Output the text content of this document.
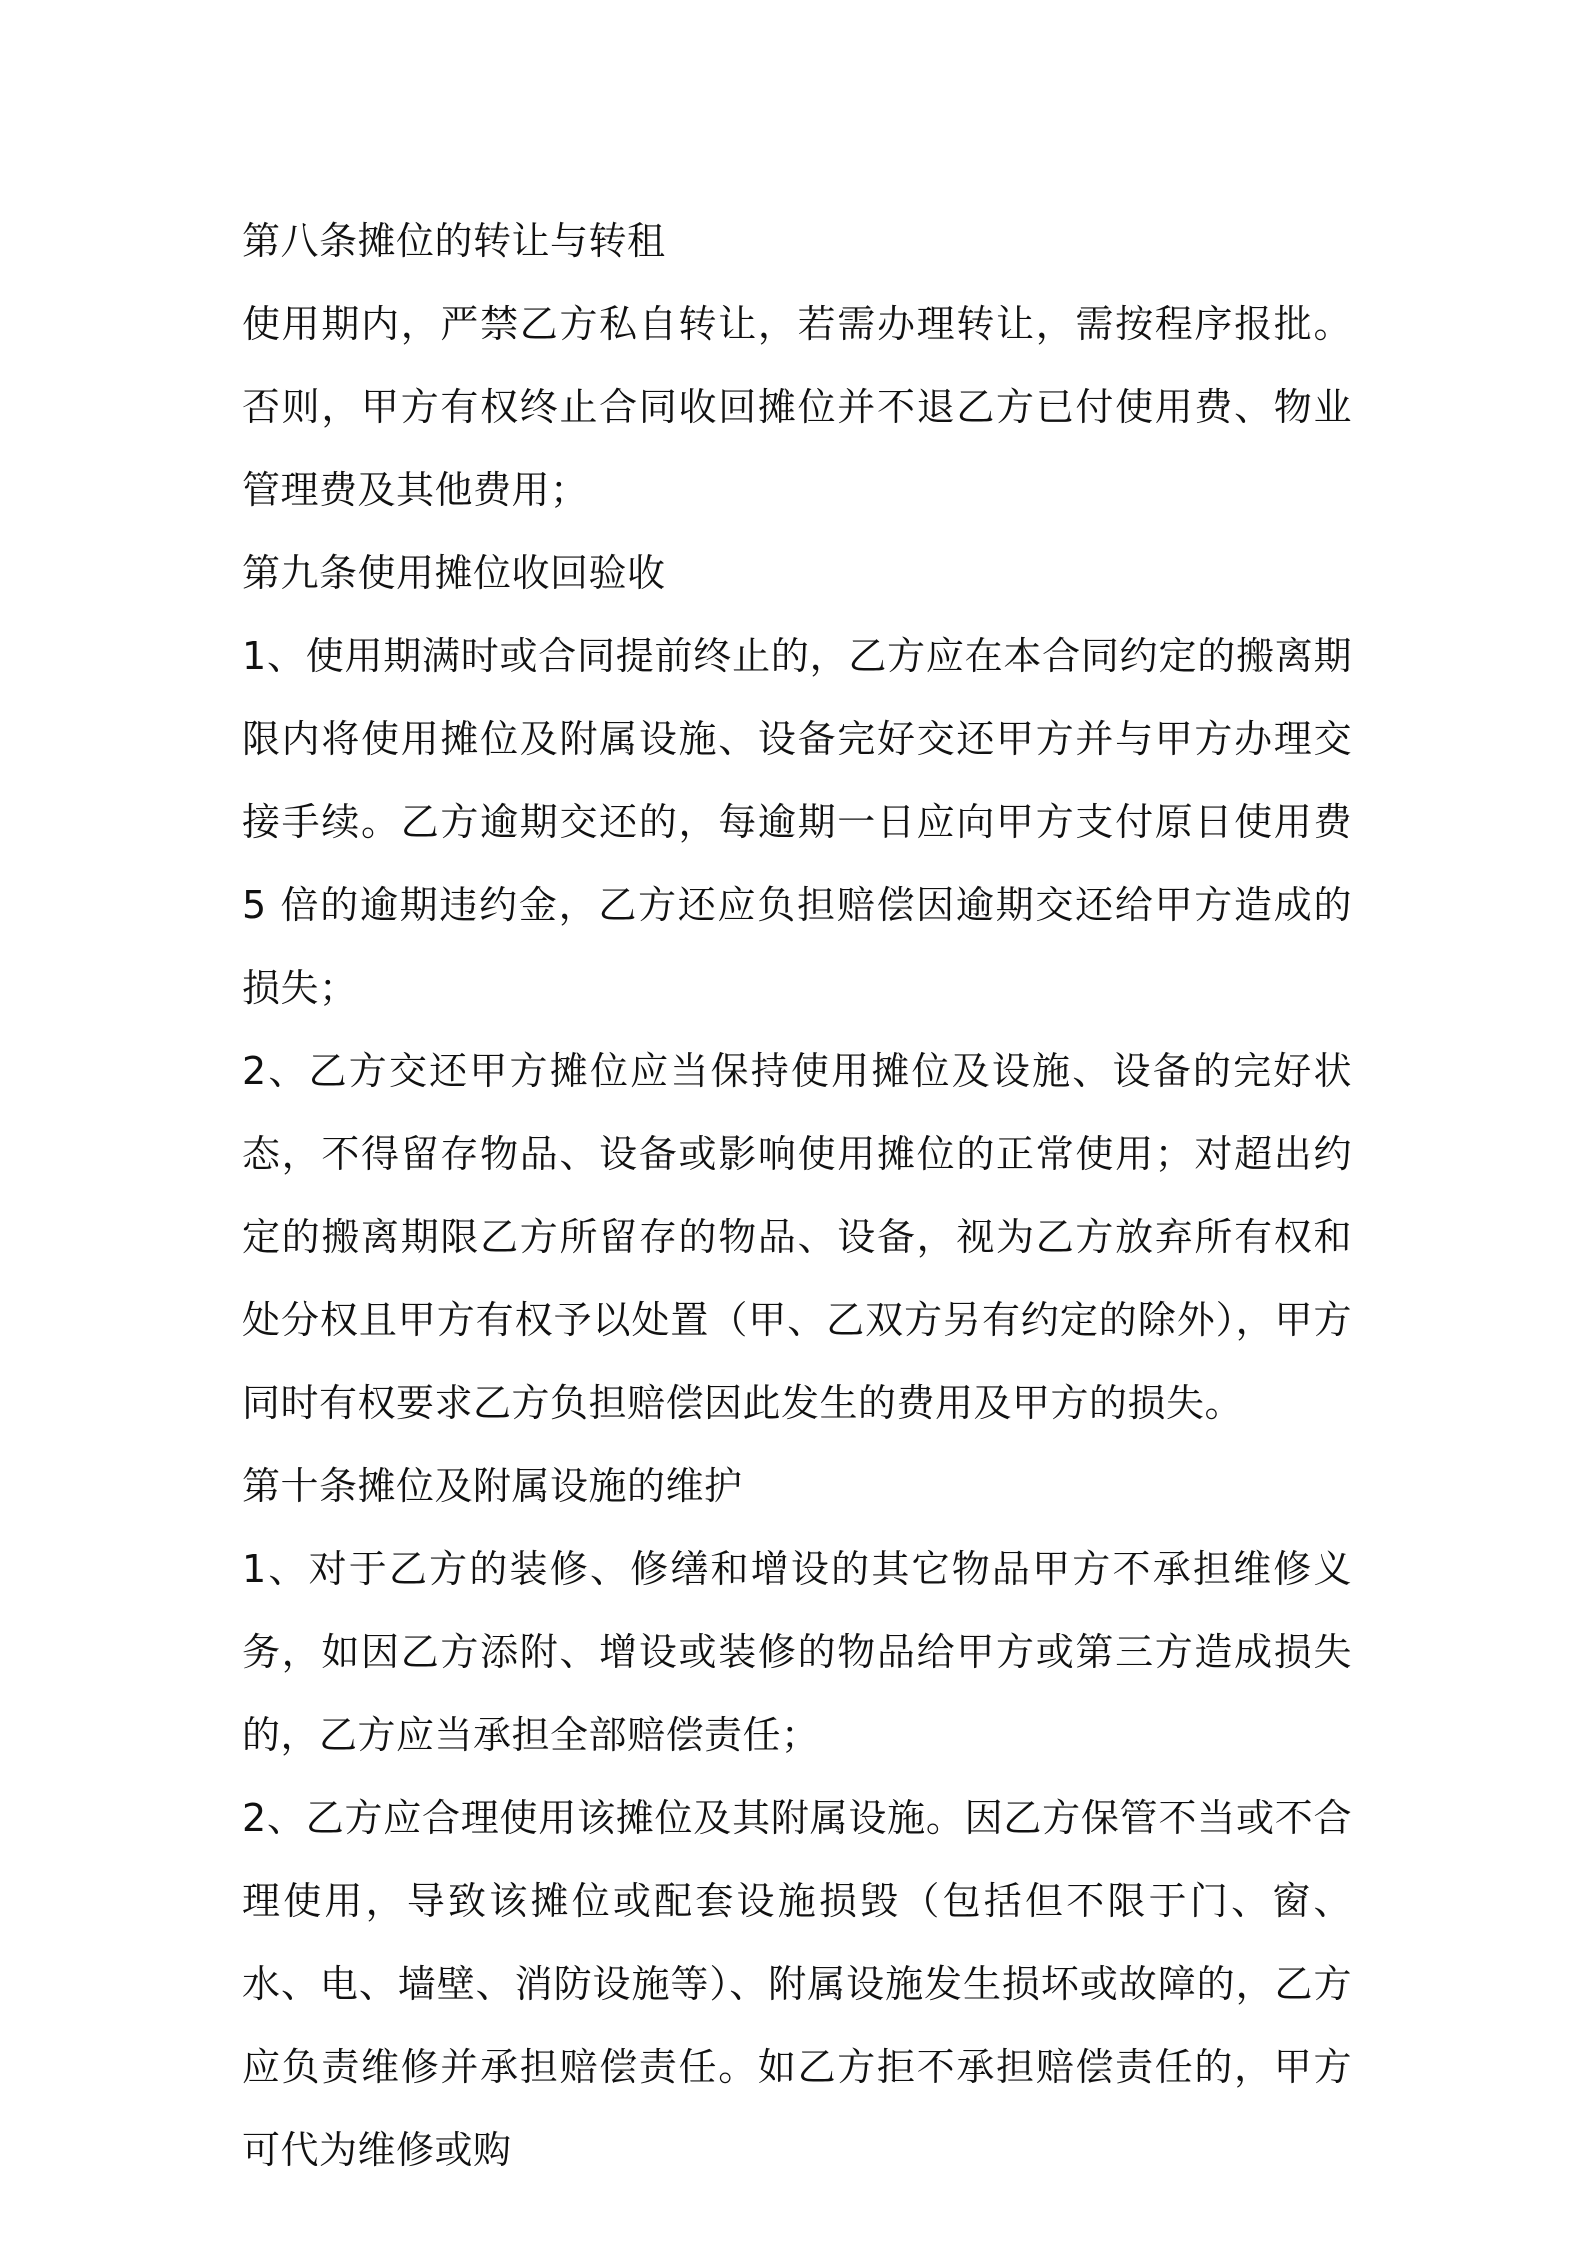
第八条摊位的转让与转租

使用期内，严禁乙方私自转让，若需办理转让，需按程序报批。否则，甲方有权终止合同收回摊位并不退乙方已付使用费、物业管理费及其他费用；

第九条使用摊位收回验收

1、使用期满时或合同提前终止的，乙方应在本合同约定的搬离期限内将使用摊位及附属设施、设备完好交还甲方并与甲方办理交接手续。乙方逾期交还的，每逾期一日应向甲方支付原日使用费 5 倍的逾期违约金，乙方还应负担赔偿因逾期交还给甲方造成的损失；

2、乙方交还甲方摊位应当保持使用摊位及设施、设备的完好状态，不得留存物品、设备或影响使用摊位的正常使用；对超出约定的搬离期限乙方所留存的物品、设备，视为乙方放弃所有权和处分权且甲方有权予以处置（甲、乙双方另有约定的除外），甲方同时有权要求乙方负担赔偿因此发生的费用及甲方的损失。

第十条摊位及附属设施的维护

1、对于乙方的装修、修缮和增设的其它物品甲方不承担维修义务，如因乙方添附、增设或装修的物品给甲方或第三方造成损失的，乙方应当承担全部赔偿责任；

2、乙方应合理使用该摊位及其附属设施。因乙方保管不当或不合理使用，导致该摊位或配套设施损毁（包括但不限于门、窗、水、电、墙壁、消防设施等）、附属设施发生损坏或故障的，乙方应负责维修并承担赔偿责任。如乙方拒不承担赔偿责任的，甲方可代为维修或购
